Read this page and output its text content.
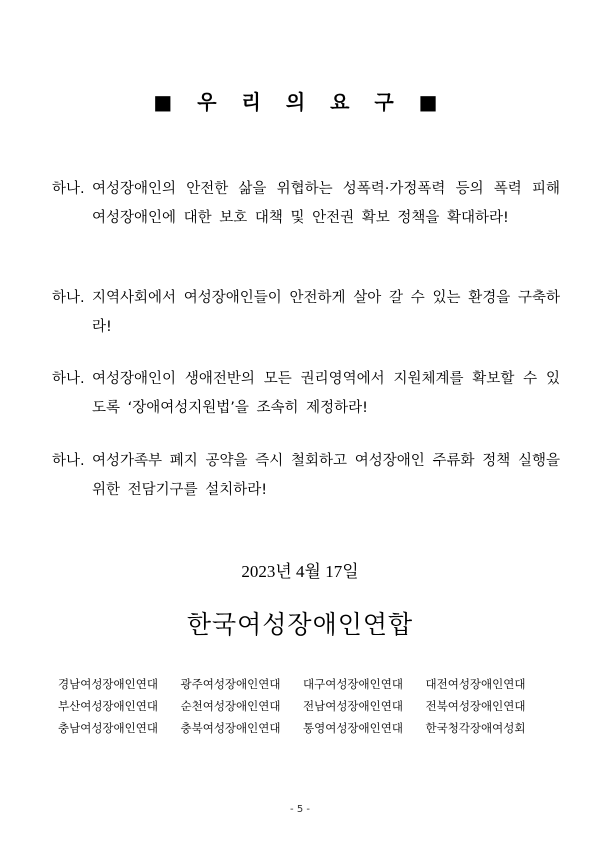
■ 우 리 의 요 구 ■
하나. 여성장애인의 안전한 삶을 위협하는 성폭력·가정폭력 등의 폭력 피해 여성장애인에 대한 보호 대책 및 안전권 확보 정책을 확대하라!
하나. 지역사회에서 여성장애인들이 안전하게 살아 갈 수 있는 환경을 구축하라!
하나. 여성장애인이 생애전반의 모든 권리영역에서 지원체계를 확보할 수 있도록 ‘장애여성지원법’을 조속히 제정하라!
하나. 여성가족부 폐지 공약을 즉시 철회하고 여성장애인 주류화 정책 실행을 위한 전담기구를 설치하라!
2023년 4월 17일
한국여성장애인연합
경남여성장애인연대	광주여성장애인연대	대구여성장애인연대	대전여성장애인연대
부산여성장애인연대	순천여성장애인연대	전남여성장애인연대	전북여성장애인연대
충남여성장애인연대	충북여성장애인연대	통영여성장애인연대	한국청각장애여성회
- 5 -
